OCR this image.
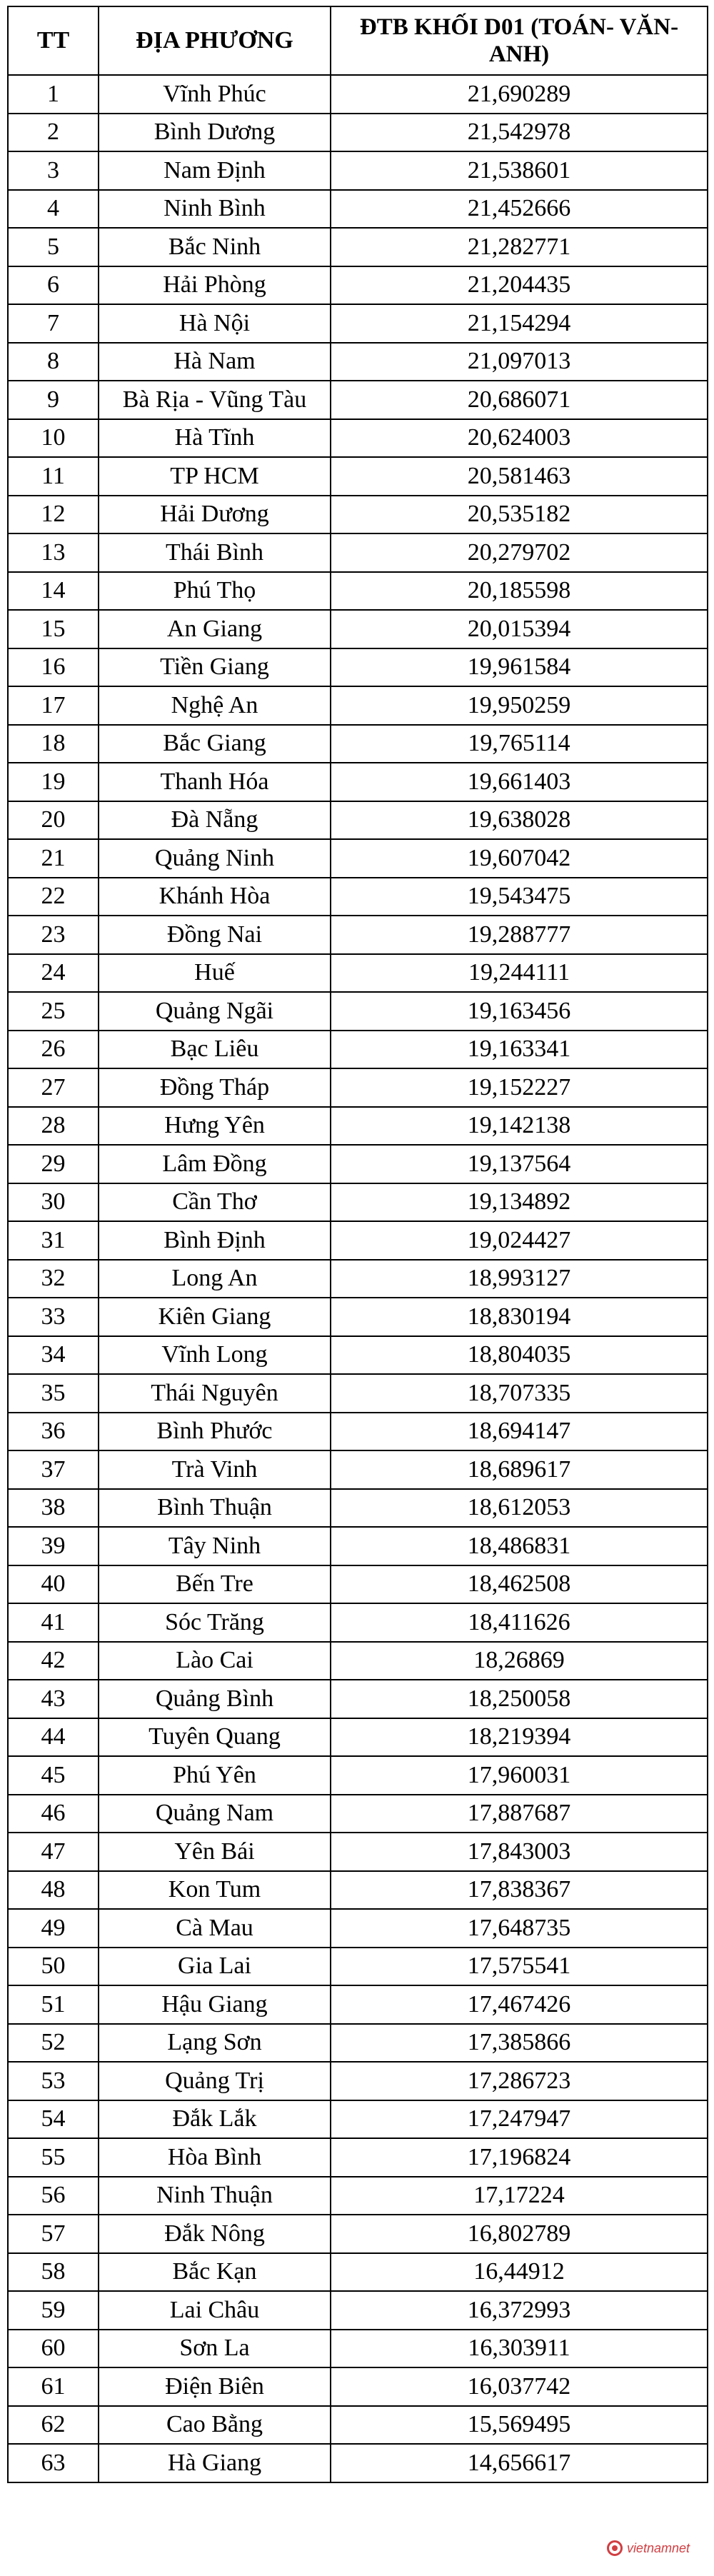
TT	ĐỊA PHƯƠNG	ĐTB KHỐI D01 (TOÁN- VĂN- ANH)
1	Vĩnh Phúc	21,690289
2	Bình Dương	21,542978
3	Nam Định	21,538601
4	Ninh Bình	21,452666
5	Bắc Ninh	21,282771
6	Hải Phòng	21,204435
7	Hà Nội	21,154294
8	Hà Nam	21,097013
9	Bà Rịa - Vũng Tàu	20,686071
10	Hà Tĩnh	20,624003
11	TP HCM	20,581463
12	Hải Dương	20,535182
13	Thái Bình	20,279702
14	Phú Thọ	20,185598
15	An Giang	20,015394
16	Tiền Giang	19,961584
17	Nghệ An	19,950259
18	Bắc Giang	19,765114
19	Thanh Hóa	19,661403
20	Đà Nẵng	19,638028
21	Quảng Ninh	19,607042
22	Khánh Hòa	19,543475
23	Đồng Nai	19,288777
24	Huế	19,244111
25	Quảng Ngãi	19,163456
26	Bạc Liêu	19,163341
27	Đồng Tháp	19,152227
28	Hưng Yên	19,142138
29	Lâm Đồng	19,137564
30	Cần Thơ	19,134892
31	Bình Định	19,024427
32	Long An	18,993127
33	Kiên Giang	18,830194
34	Vĩnh Long	18,804035
35	Thái Nguyên	18,707335
36	Bình Phước	18,694147
37	Trà Vinh	18,689617
38	Bình Thuận	18,612053
39	Tây Ninh	18,486831
40	Bến Tre	18,462508
41	Sóc Trăng	18,411626
42	Lào Cai	18,26869
43	Quảng Bình	18,250058
44	Tuyên Quang	18,219394
45	Phú Yên	17,960031
46	Quảng Nam	17,887687
47	Yên Bái	17,843003
48	Kon Tum	17,838367
49	Cà Mau	17,648735
50	Gia Lai	17,575541
51	Hậu Giang	17,467426
52	Lạng Sơn	17,385866
53	Quảng Trị	17,286723
54	Đắk Lắk	17,247947
55	Hòa Bình	17,196824
56	Ninh Thuận	17,17224
57	Đắk Nông	16,802789
58	Bắc Kạn	16,44912
59	Lai Châu	16,372993
60	Sơn La	16,303911
61	Điện Biên	16,037742
62	Cao Bằng	15,569495
63	Hà Giang	14,656617
vietnamnet
